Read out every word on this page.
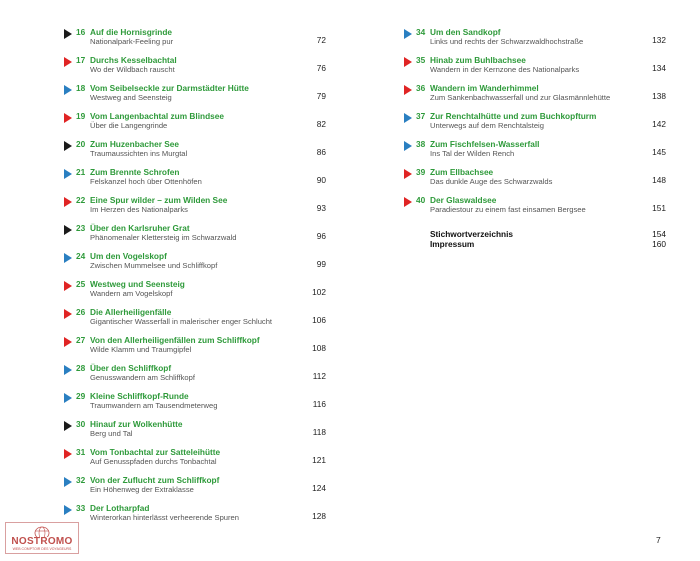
16 Auf die Hornisgrinde
Nationalpark-Feeling pur	72
17 Durchs Kesselbachtal
Wo der Wildbach rauscht	76
18 Vom Seibelseckle zur Darmstädter Hütte
Westweg and Seensteig	79
19 Vom Langenbachtal zum Blindsee
Über die Langengrinde	82
20 Zum Huzenbacher See
Traumaussichten ins Murgtal	86
21 Zum Brennte Schrofen
Felskanzel hoch über Ottenhöfen	90
22 Eine Spur wilder – zum Wilden See
Im Herzen des Nationalparks	93
23 Über den Karlsruher Grat
Phänomenaler Klettersteig im Schwarzwald	96
24 Um den Vogelskopf
Zwischen Mummelsee und Schliffkopf	99
25 Westweg und Seensteig
Wandern am Vogelskopf	102
26 Die Allerheiligenfälle
Gigantischer Wasserfall in malerischer enger Schlucht	106
27 Von den Allerheiligenfällen zum Schliffkopf
Wilde Klamm und Traumgipfel	108
28 Über den Schliffkopf
Genusswandern am Schliffkopf	112
29 Kleine Schliffkopf-Runde
Traumwandern am Tausendmeterweg	116
30 Hinauf zur Wolkenhütte
Berg und Tal	118
31 Vom Tonbachtal zur Satteleihütte
Auf Genusspfaden durchs Tonbachtal	121
32 Von der Zuflucht zum Schliffkopf
Ein Höhenweg der Extraklasse	124
33 Der Lotharpfad
Winterorkan hinterlässt verheerende Spuren	128
34 Um den Sandkopf
Links und rechts der Schwarzwaldhochstraße	132
35 Hinab zum Buhlbachsee
Wandern in der Kernzone des Nationalparks	134
36 Wandern im Wanderhimmel
Zum Sankenbachwasserfall und zur Glasmännlehütte	138
37 Zur Renchtalhütte und zum Buchkopfturm
Unterwegs auf dem Renchtalsteig	142
38 Zum Fischfelsen-Wasserfall
Ins Tal der Wilden Rench	145
39 Zum Ellbachsee
Das dunkle Auge des Schwarzwalds	148
40 Der Glaswaldsee
Paradiestour zu einem fast einsamen Bergsee	151
Stichwortverzeichnis	154
Impressum	160
7
NOSTROMO
WEB COMPTOIR DES VOYAGEURS
